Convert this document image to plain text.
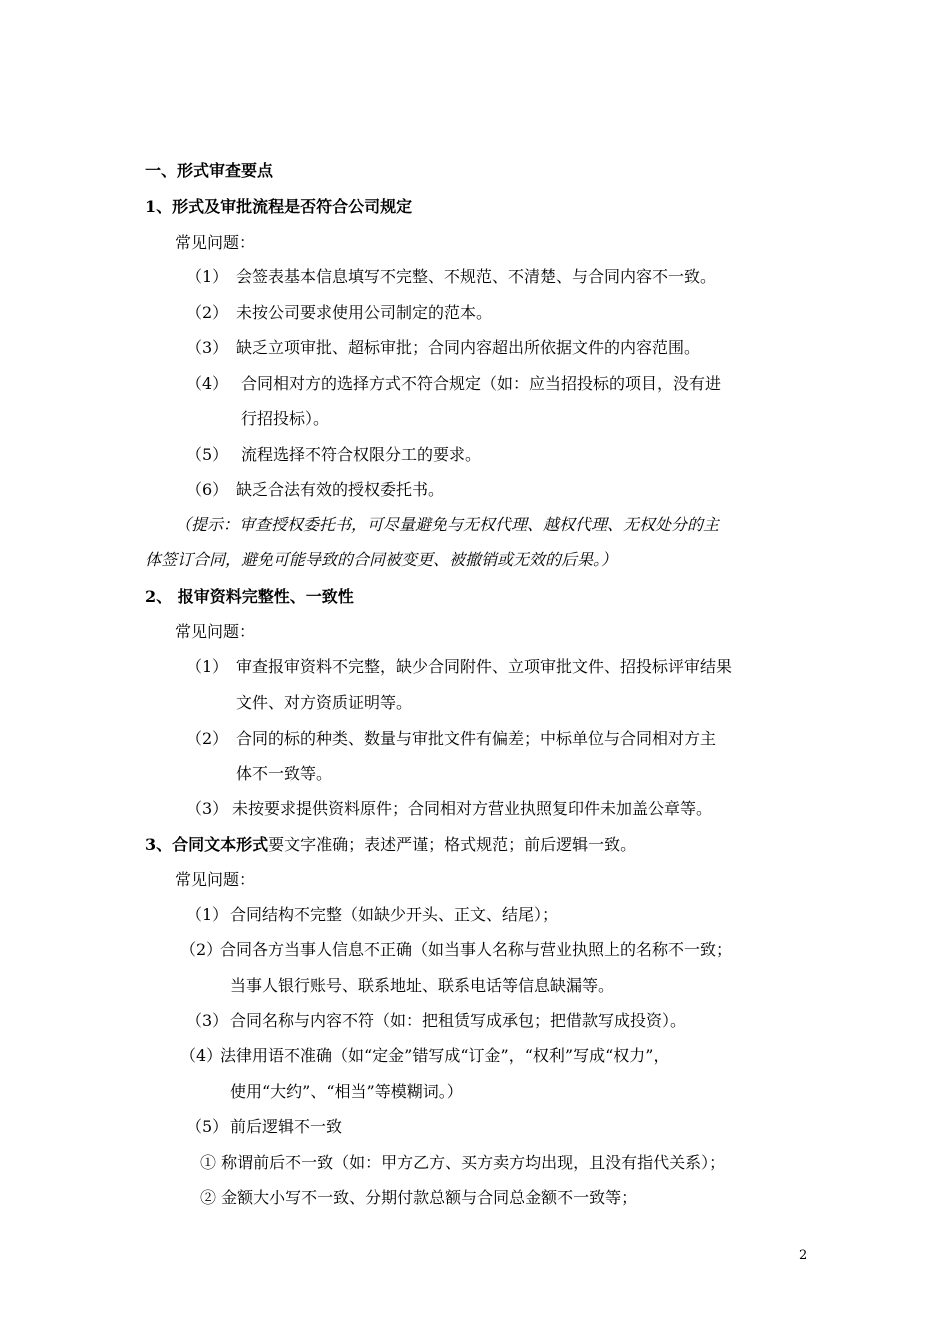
一、形式审查要点
1、形式及审批流程是否符合公司规定
常见问题：
（1） 会签表基本信息填写不完整、不规范、不清楚、与合同内容不一致。
（2） 未按公司要求使用公司制定的范本。
（3） 缺乏立项审批、超标审批；合同内容超出所依据文件的内容范围。
（4） 合同相对方的选择方式不符合规定（如：应当招投标的项目，没有进
行招投标）。
（5） 流程选择不符合权限分工的要求。
（6） 缺乏合法有效的授权委托书。
（提示：审查授权委托书，可尽量避免与无权代理、越权代理、无权处分的主
体签订合同，避免可能导致的合同被变更、被撤销或无效的后果。）
2、 报审资料完整性、一致性
常见问题：
（1） 审查报审资料不完整，缺少合同附件、立项审批文件、招投标评审结果
文件、对方资质证明等。
（2） 合同的标的种类、数量与审批文件有偏差；中标单位与合同相对方主
体不一致等。
（3） 未按要求提供资料原件；合同相对方营业执照复印件未加盖公章等。
3、合同文本形式要文字准确；表述严谨；格式规范；前后逻辑一致。
常见问题：
（1） 合同结构不完整（如缺少开头、正文、结尾）；
（2）
合同各方当事人信息不正确（如当事人名称与营业执照上的名称不一致；
当事人银行账号、联系地址、联系电话等信息缺漏等。
（3） 合同名称与内容不符（如：把租赁写成承包；把借款写成投资）。
（4）
法律用语不准确（如“定金”错写成“订金”，“权利”写成“权力”，
使用“大约”、“相当”等模糊词。）
（5） 前后逻辑不一致
① 称谓前后不一致（如：甲方乙方、买方卖方均出现，且没有指代关系）；
② 金额大小写不一致、分期付款总额与合同总金额不一致等；
2
